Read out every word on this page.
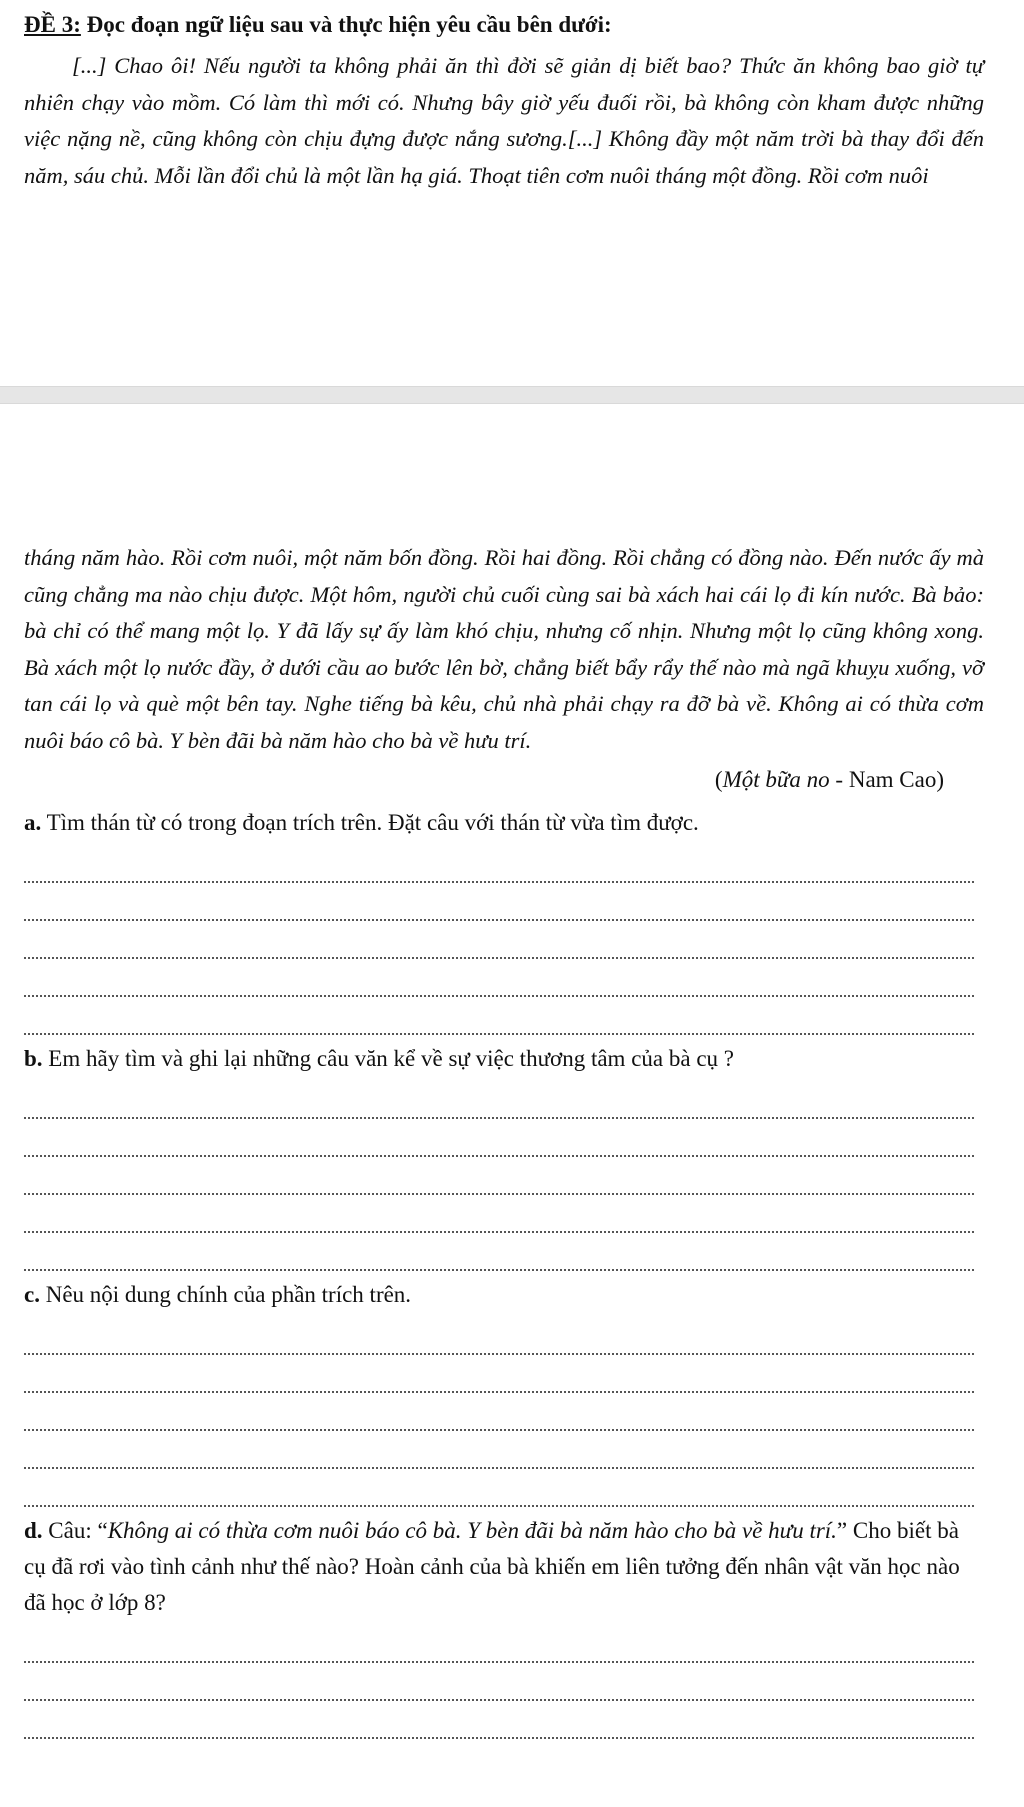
ĐỀ 3: Đọc đoạn ngữ liệu sau và thực hiện yêu cầu bên dưới:

[...] Chao ôi! Nếu người ta không phải ăn thì đời sẽ giản dị biết bao? Thức ăn không bao giờ tự nhiên chạy vào mồm. Có làm thì mới có. Nhưng bây giờ yếu đuối rồi, bà không còn kham được những việc nặng nề, cũng không còn chịu đựng được nắng sương.[...] Không đầy một năm trời bà thay đổi đến năm, sáu chủ. Mỗi lần đổi chủ là một lần hạ giá. Thoạt tiên cơm nuôi tháng một đồng. Rồi cơm nuôi

tháng năm hào. Rồi cơm nuôi, một năm bốn đồng. Rồi hai đồng. Rồi chẳng có đồng nào. Đến nước ấy mà cũng chẳng ma nào chịu được. Một hôm, người chủ cuối cùng sai bà xách hai cái lọ đi kín nước. Bà bảo: bà chỉ có thể mang một lọ. Y đã lấy sự ấy làm khó chịu, nhưng cố nhịn. Nhưng một lọ cũng không xong. Bà xách một lọ nước đầy, ở dưới cầu ao bước lên bờ, chẳng biết bẩy rẩy thế nào mà ngã khuỵu xuống, vỡ tan cái lọ và què một bên tay. Nghe tiếng bà kêu, chủ nhà phải chạy ra đỡ bà về. Không ai có thừa cơm nuôi báo cô bà. Y bèn đãi bà năm hào cho bà về hưu trí.

(Một bữa no - Nam Cao)

a. Tìm thán từ có trong đoạn trích trên. Đặt câu với thán từ vừa tìm được.

b. Em hãy tìm và ghi lại những câu văn kể về sự việc thương tâm của bà cụ ?

c. Nêu nội dung chính của phần trích trên.

d. Câu: “Không ai có thừa cơm nuôi báo cô bà. Y bèn đãi bà năm hào cho bà về hưu trí.” Cho biết bà cụ đã rơi vào tình cảnh như thế nào? Hoàn cảnh của bà khiến em liên tưởng đến nhân vật văn học nào đã học ở lớp 8?
